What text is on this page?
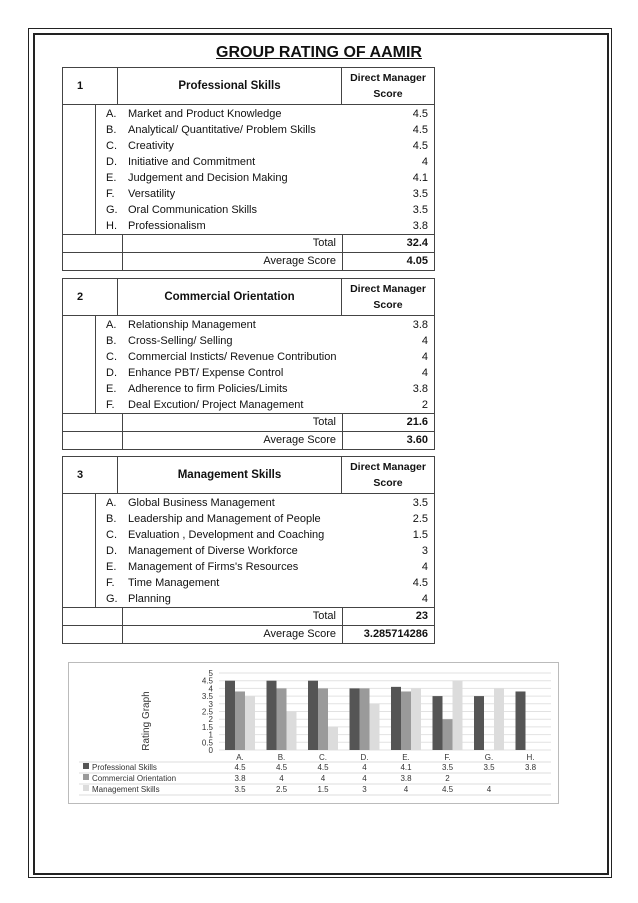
GROUP RATING OF AAMIR
1	Professional Skills
Direct Manager Score
A.	Market and Product Knowledge	4.5
B.	Analytical/ Quantitative/ Problem Skills	4.5
C.	Creativity	4.5
D.	Initiative and Commitment	4
E.	Judgement and Decision Making	4.1
F.	Versatility	3.5
G. Oral Communication Skills	3.5
H.	Professionalism	3.8
Total	32.4
Average Score	4.05
2	Commercial Orientation
Direct Manager Score
A.	Relationship Management	3.8
B.	Cross-Selling/ Selling	4
C.	Commercial Insticts/ Revenue Contribution	4
D.	Enhance PBT/ Expense Control	4
E.	Adherence to firm Policies/Limits	3.8
F.	Deal Excution/ Project Management	2
Total	21.6
Average Score	3.60
3	Management Skills
Direct Manager Score
A.	Global Business Management	3.5
B.	Leadership and Management of People	2.5
C.	Evaluation , Development and Coaching	1.5
D.	Management of Diverse Workforce	3
E.	Management of Firms's Resources	4
F.	Time Management	4.5
G. Planning	4
Total	23
Average Score	3.285714286
0
0.5
1
1.5
2
2.5
3
3.5
4
4.5
5
Rating Graph
A.	B.	C.	D.	E.	F.	G.	H.
Professional Skills	4.5	4.5	4.5	4	4.1	3.5	3.5	3.8
Commercial Orientation	3.8	4	4	4	3.8	2
Management Skills	3.5	2.5	1.5	3	4	4.5	4
